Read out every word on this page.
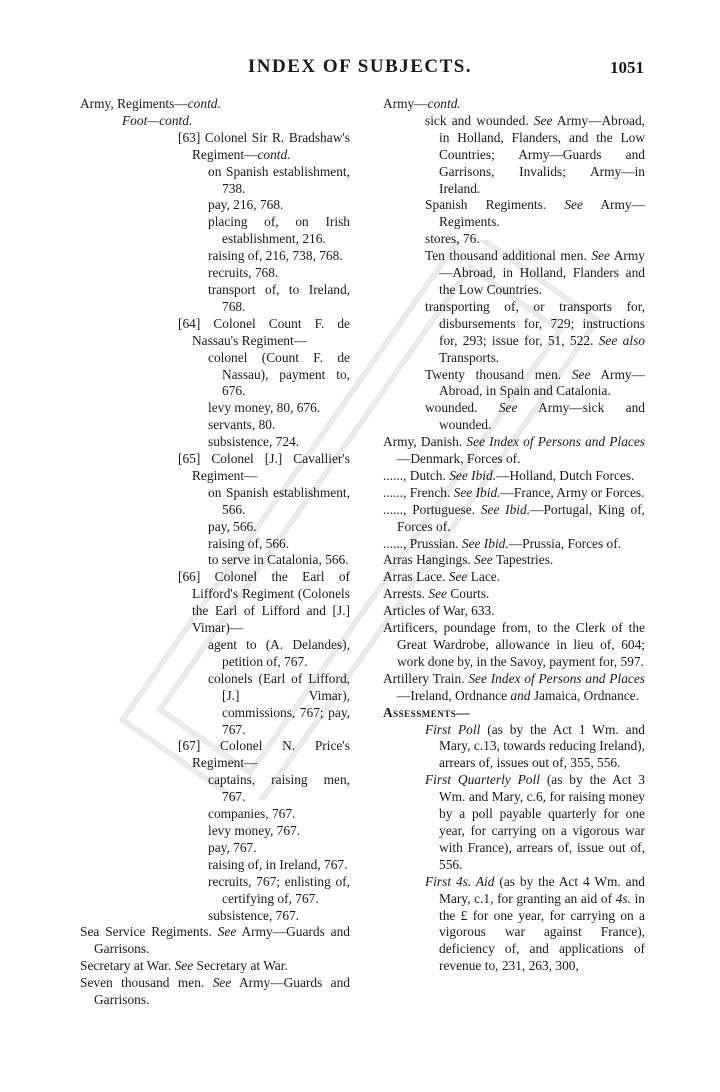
INDEX OF SUBJECTS.	1051
Army, Regiments—contd.
Foot—contd.
[63] Colonel Sir R. Bradshaw's Regiment—contd.
on Spanish establishment, 738.
pay, 216, 768.
placing of, on Irish establishment, 216.
raising of, 216, 738, 768.
recruits, 768.
transport of, to Ireland, 768.
[64] Colonel Count F. de Nassau's Regiment—
colonel (Count F. de Nassau), payment to, 676.
levy money, 80, 676.
servants, 80.
subsistence, 724.
[65] Colonel [J.] Cavallier's Regiment—
on Spanish establishment, 566.
pay, 566.
raising of, 566.
to serve in Catalonia, 566.
[66] Colonel the Earl of Lifford's Regiment (Colonels the Earl of Lifford and [J.] Vimar)—
agent to (A. Delandes), petition of, 767.
colonels (Earl of Lifford, [J.] Vimar), commissions, 767; pay, 767.
[67] Colonel N. Price's Regiment—
captains, raising men, 767.
companies, 767.
levy money, 767.
pay, 767.
raising of, in Ireland, 767.
recruits, 767; enlisting of, certifying of, 767.
subsistence, 767.
Sea Service Regiments. See Army—Guards and Garrisons.
Secretary at War. See Secretary at War.
Seven thousand men. See Army—Guards and Garrisons.
Army—contd.
sick and wounded. See Army—Abroad, in Holland, Flanders, and the Low Countries; Army—Guards and Garrisons, Invalids; Army—in Ireland.
Spanish Regiments. See Army—Regiments.
stores, 76.
Ten thousand additional men. See Army—Abroad, in Holland, Flanders and the Low Countries.
transporting of, or transports for, disbursements for, 729; instructions for, 293; issue for, 51, 522. See also Transports.
Twenty thousand men. See Army—Abroad, in Spain and Catalonia.
wounded. See Army—sick and wounded.
Army, Danish. See Index of Persons and Places—Denmark, Forces of.
......, Dutch. See Ibid.—Holland, Dutch Forces.
......, French. See Ibid.—France, Army or Forces.
......, Portuguese. See Ibid.—Portugal, King of, Forces of.
......, Prussian. See Ibid.—Prussia, Forces of.
Arras Hangings. See Tapestries.
Arras Lace. See Lace.
Arrests. See Courts.
Articles of War, 633.
Artificers, poundage from, to the Clerk of the Great Wardrobe, allowance in lieu of, 604; work done by, in the Savoy, payment for, 597.
Artillery Train. See Index of Persons and Places—Ireland, Ordnance and Jamaica, Ordnance.
Assessments—
First Poll (as by the Act 1 Wm. and Mary, c.13, towards reducing Ireland), arrears of, issues out of, 355, 556.
First Quarterly Poll (as by the Act 3 Wm. and Mary, c.6, for raising money by a poll payable quarterly for one year, for carrying on a vigorous war with France), arrears of, issue out of, 556.
First 4s. Aid (as by the Act 4 Wm. and Mary, c.1, for granting an aid of 4s. in the £ for one year, for carrying on a vigorous war against France), deficiency of, and applications of revenue to, 231, 263, 300,
